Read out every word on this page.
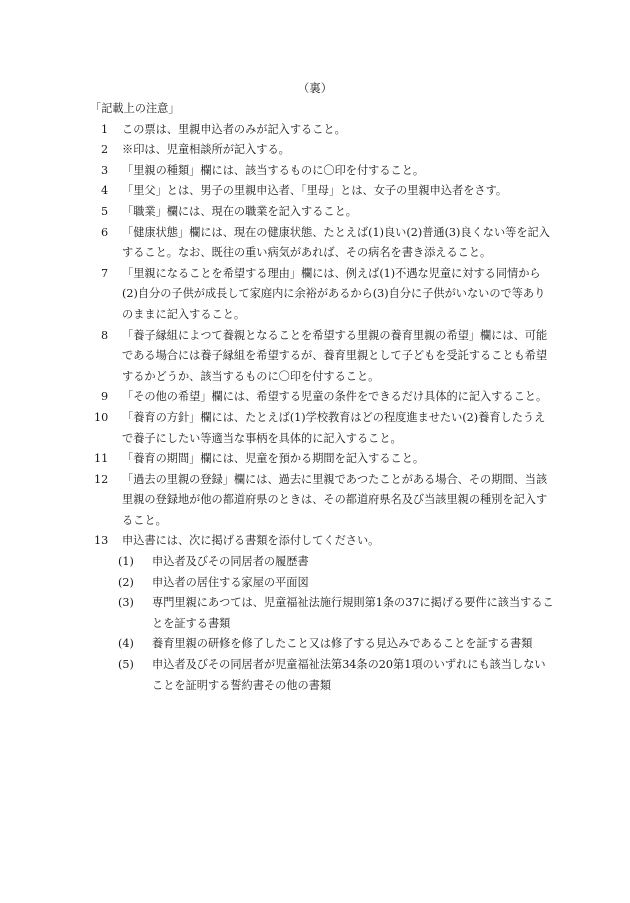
（裏）
「記載上の注意」
1	この票は、里親申込者のみが記入すること。
2	※印は、児童相談所が記入する。
3	「里親の種類」欄には、該当するものに〇印を付すること。
4	「里父」とは、男子の里親申込者、「里母」とは、女子の里親申込者をさす。
5	「職業」欄には、現在の職業を記入すること。
6	「健康状態」欄には、現在の健康状態、たとえば(1)良い(2)普通(3)良くない等を記入すること。なお、既往の重い病気があれば、その病名を書き添えること。
7	「里親になることを希望する理由」欄には、例えば(1)不遇な児童に対する同情から(2)自分の子供が成長して家庭内に余裕があるから(3)自分に子供がいないので等ありのままに記入すること。
8	「養子縁組によつて養親となることを希望する里親の養育里親の希望」欄には、可能である場合には養子縁組を希望するが、養育里親として子どもを受託することも希望するかどうか、該当するものに〇印を付すること。
9	「その他の希望」欄には、希望する児童の条件をできるだけ具体的に記入すること。
10	「養育の方針」欄には、たとえば(1)学校教育はどの程度進ませたい(2)養育したうえで養子にしたい等適当な事柄を具体的に記入すること。
11	「養育の期間」欄には、児童を預かる期間を記入すること。
12	「過去の里親の登録」欄には、過去に里親であつたことがある場合、その期間、当該里親の登録地が他の都道府県のときは、その都道府県名及び当該里親の種別を記入すること。
13	申込書には、次に掲げる書類を添付してください。
(1) 申込者及びその同居者の履歴書
(2) 申込者の居住する家屋の平面図
(3) 専門里親にあつては、児童福祉法施行規則第1条の37に掲げる要件に該当することを証する書類
(4) 養育里親の研修を修了したこと又は修了する見込みであることを証する書類
(5) 申込者及びその同居者が児童福祉法第34条の20第1項のいずれにも該当しないことを証明する誓約書その他の書類
